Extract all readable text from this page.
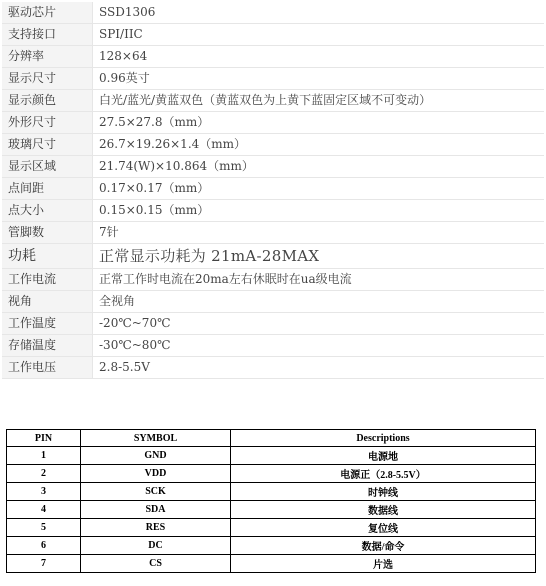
驱动芯片	SSD1306
支持接口	SPI/IIC
分辨率	128×64
显示尺寸	0.96英寸
显示颜色	白光/蓝光/黄蓝双色（黄蓝双色为上黄下蓝固定区域不可变动）
外形尺寸	27.5×27.8（mm）
玻璃尺寸	26.7×19.26×1.4（mm）
显示区域	21.74(W)×10.864（mm）
点间距	0.17×0.17（mm）
点大小	0.15×0.15（mm）
管脚数	7针
功耗	正常显示功耗为 21mA-28MAX
工作电流	正常工作时电流在20ma左右休眠时在ua级电流
视角	全视角
工作温度	-20℃~70℃
存储温度	-30℃~80℃
工作电压	2.8-5.5V
PIN	SYMBOL	Descriptions
1	GND	电源地
2	VDD	电源正（2.8-5.5V）
3	SCK	时钟线
4	SDA	数据线
5	RES	复位线
6	DC	数据/命令
7	CS	片选
